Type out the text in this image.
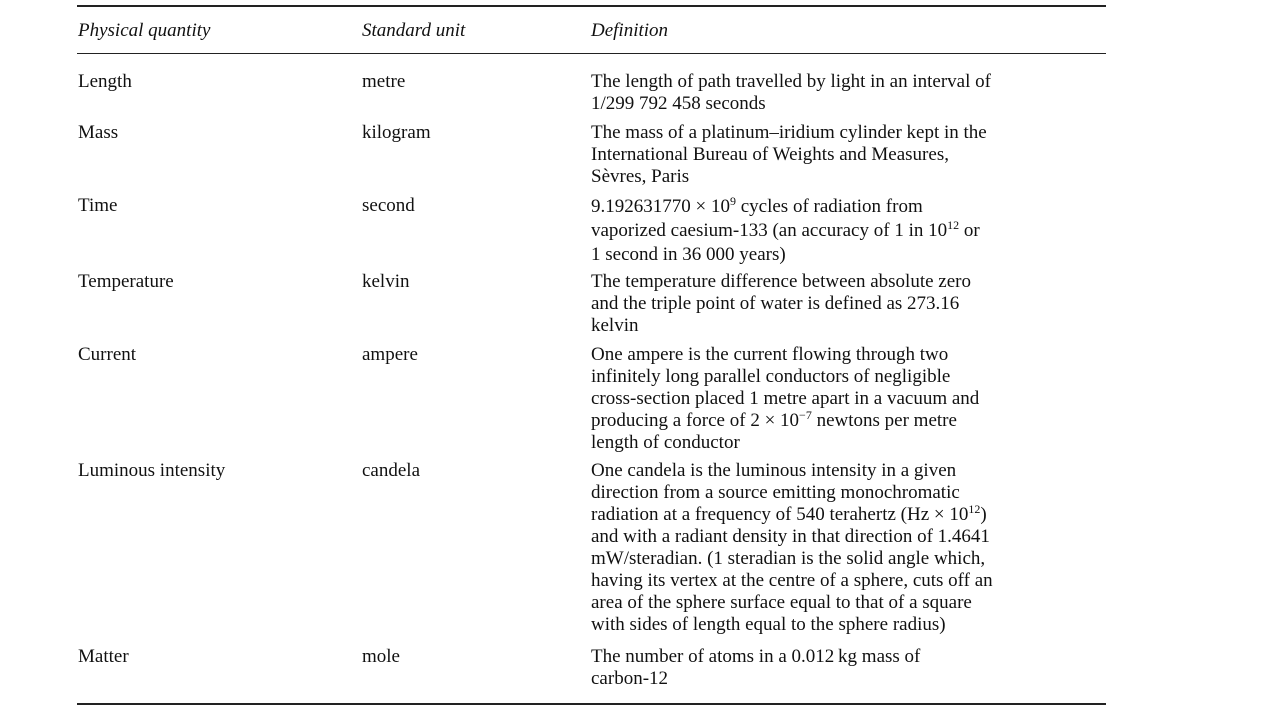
Physical quantity	Standard unit	Definition
Length	metre	The length of path travelled by light in an interval of
1/299 792 458 seconds
Mass	kilogram	The mass of a platinum–iridium cylinder kept in the
International Bureau of Weights and Measures,
Sèvres, Paris
Time	second	$9.192631770 \times 10^9$ cycles of radiation from
vaporized caesium-133 (an accuracy of 1 in $10^{12}$ or
1 second in 36 000 years)
Temperature	kelvin	The temperature difference between absolute zero
and the triple point of water is defined as 273.16
kelvin
Current	ampere	One ampere is the current flowing through two
infinitely long parallel conductors of negligible
cross-section placed 1 metre apart in a vacuum and
producing a force of $2 \times 10^{-7}$ newtons per metre
length of conductor
Luminous intensity	candela	One candela is the luminous intensity in a given
direction from a source emitting monochromatic
radiation at a frequency of 540 terahertz $(Hz \times 10^{12})$
and with a radiant density in that direction of 1.4641
mW/steradian. (1 steradian is the solid angle which,
having its vertex at the centre of a sphere, cuts off an
area of the sphere surface equal to that of a square
with sides of length equal to the sphere radius)
Matter	mole	The number of atoms in a 0.012 kg mass of
carbon-12
